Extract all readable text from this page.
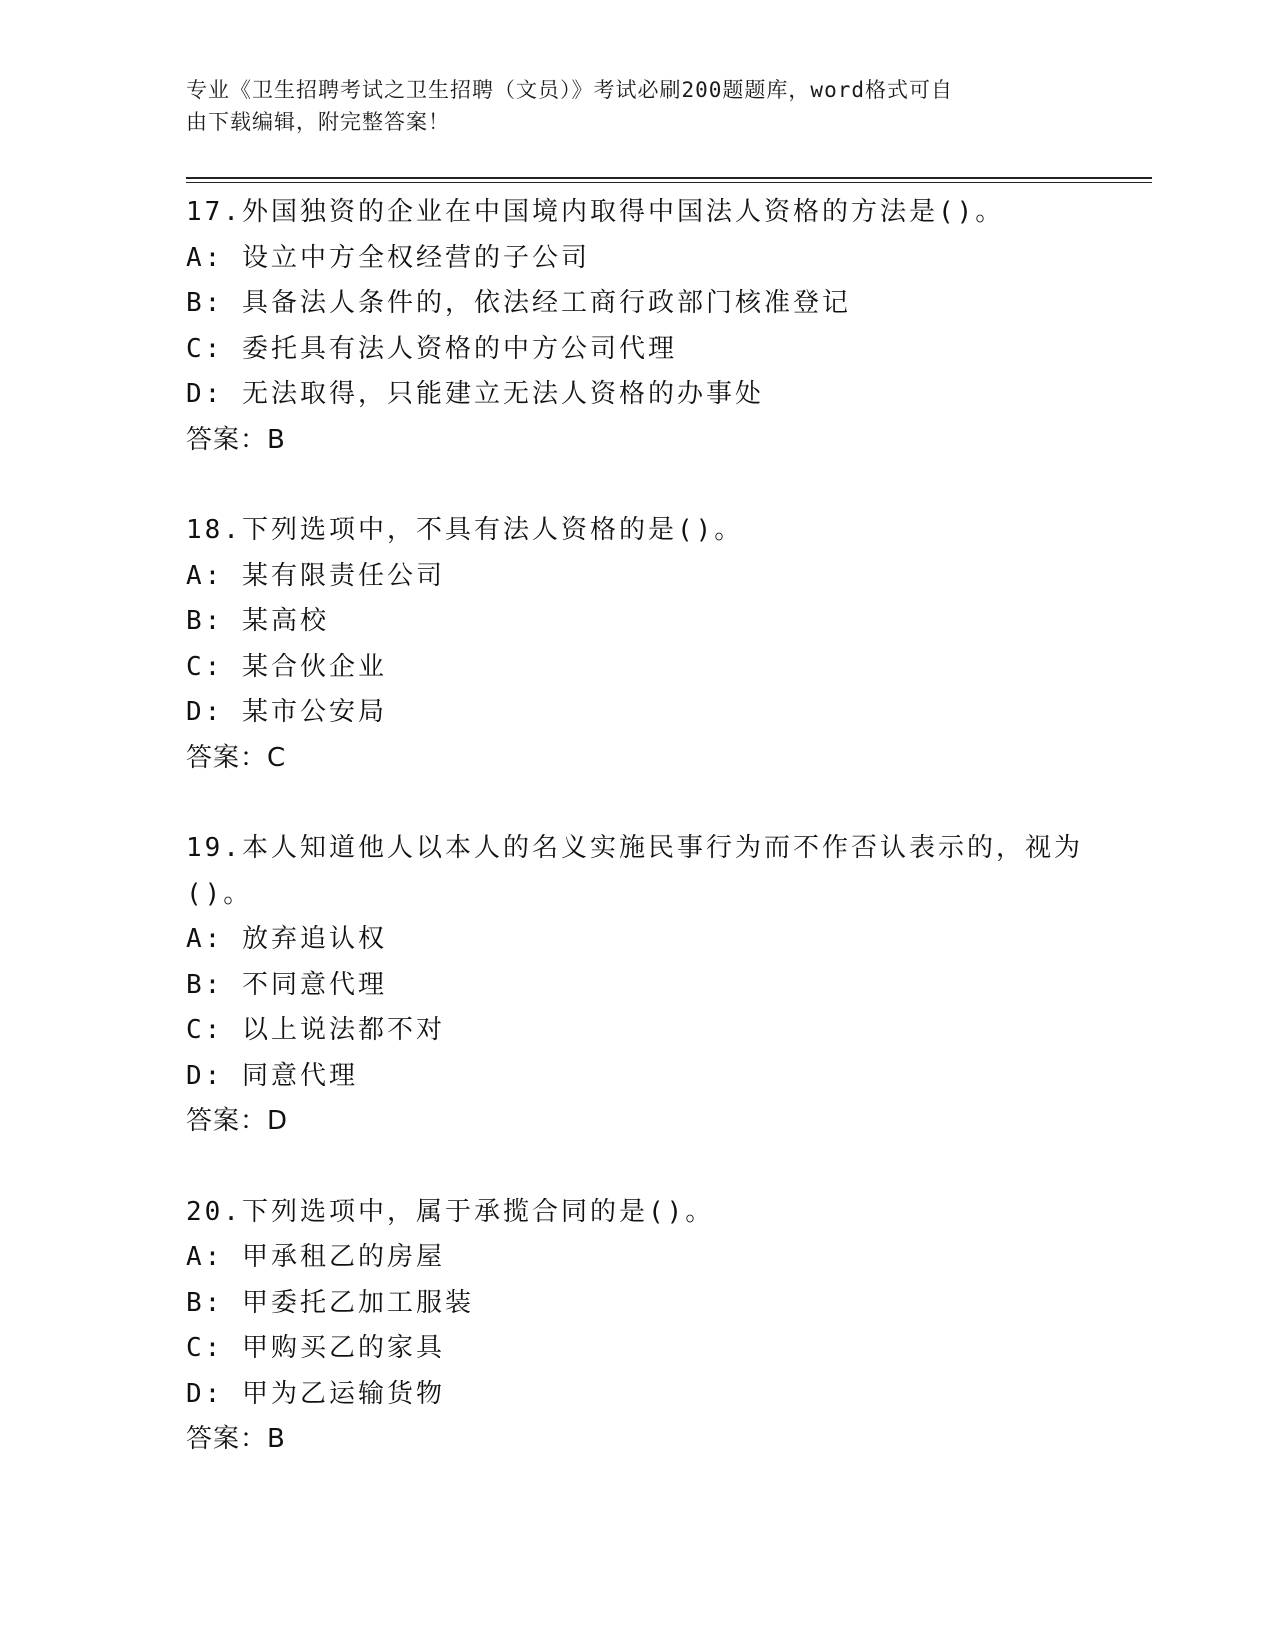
专业《卫生招聘考试之卫生招聘（文员）》考试必刷200题题库，word格式可自
由下载编辑，附完整答案！
17.外国独资的企业在中国境内取得中国法人资格的方法是()。
A: 设立中方全权经营的子公司
B: 具备法人条件的，依法经工商行政部门核准登记
C: 委托具有法人资格的中方公司代理
D: 无法取得，只能建立无法人资格的办事处
答案：B
18.下列选项中，不具有法人资格的是()。
A: 某有限责任公司
B: 某高校
C: 某合伙企业
D: 某市公安局
答案：C
19.本人知道他人以本人的名义实施民事行为而不作否认表示的，视为
()。
A: 放弃追认权
B: 不同意代理
C: 以上说法都不对
D: 同意代理
答案：D
20.下列选项中，属于承揽合同的是()。
A: 甲承租乙的房屋
B: 甲委托乙加工服装
C: 甲购买乙的家具
D: 甲为乙运输货物
答案：B
